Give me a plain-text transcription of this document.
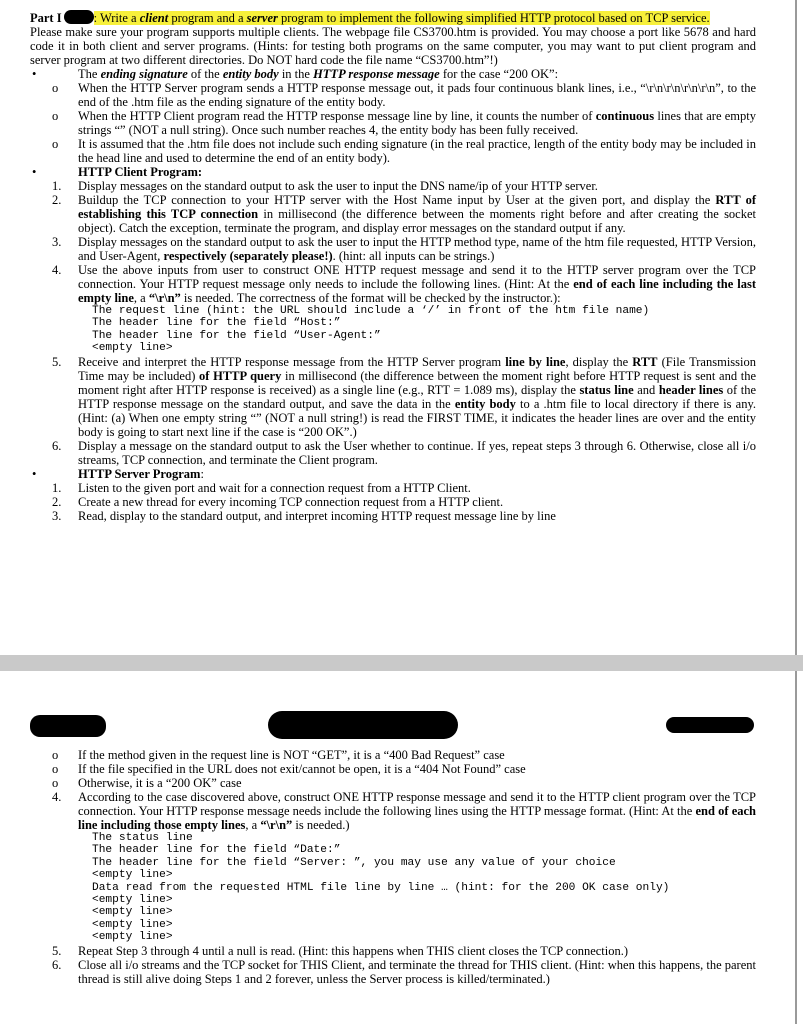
Part I	: Write a client program and a server program to implement the following simplified HTTP protocol based on TCP service.

Please make sure your program supports multiple clients. The webpage file CS3700.htm is provided. You may choose a port like 5678 and hard code it in both client and server programs. (Hints: for testing both programs on the same computer, you may want to put client program and server program at two different directories. Do NOT hard code the file name “CS3700.htm”!)

•	The ending signature of the entity body in the HTTP response message for the case “200 OK”:
o	When the HTTP Server program sends a HTTP response message out, it pads four continuous blank lines, i.e., “\r\n\r\n\r\n\r\n”, to the end of the .htm file as the ending signature of the entity body.
o	When the HTTP Client program read the HTTP response message line by line, it counts the number of continuous lines that are empty strings “” (NOT a null string). Once such number reaches 4, the entity body has been fully received.
o	It is assumed that the .htm file does not include such ending signature (in the real practice, length of the entity body may be included in the head line and used to determine the end of an entity body).
•	HTTP Client Program:
1.	Display messages on the standard output to ask the user to input the DNS name/ip of your HTTP server.
2.	Buildup the TCP connection to your HTTP server with the Host Name input by User at the given port, and display the RTT of establishing this TCP connection in millisecond (the difference between the moments right before and after creating the socket object). Catch the exception, terminate the program, and display error messages on the standard output if any.
3.	Display messages on the standard output to ask the user to input the HTTP method type, name of the htm file requested, HTTP Version, and User-Agent, respectively (separately please!). (hint: all inputs can be strings.)
4.	Use the above inputs from user to construct ONE HTTP request message and send it to the HTTP server program over the TCP connection. Your HTTP request message only needs to include the following lines. (Hint: At the end of each line including the last empty line, a “\r\n” is needed. The correctness of the format will be checked by the instructor.):
The request line (hint: the URL should include a ‘/’ in front of the htm file name)
The header line for the field “Host:”
The header line for the field “User-Agent:”
<empty line>
5.	Receive and interpret the HTTP response message from the HTTP Server program line by line, display the RTT (File Transmission Time may be included) of HTTP query in millisecond (the difference between the moment right before HTTP request is sent and the moment right after HTTP response is received) as a single line (e.g., RTT = 1.089 ms), display the status line and header lines of the HTTP response message on the standard output, and save the data in the entity body to a .htm file to local directory if there is any. (Hint: (a) When one empty string “” (NOT a null string!) is read the FIRST TIME, it indicates the header lines are over and the entity body is going to start next line if the case is “200 OK”.)
6.	Display a message on the standard output to ask the User whether to continue. If yes, repeat steps 3 through 6. Otherwise, close all i/o streams, TCP connection, and terminate the Client program.
•	HTTP Server Program:
1.	Listen to the given port and wait for a connection request from a HTTP Client.
2.	Create a new thread for every incoming TCP connection request from a HTTP client.
3.	Read, display to the standard output, and interpret incoming HTTP request message line by line
o	If the method given in the request line is NOT “GET”, it is a “400 Bad Request” case
o	If the file specified in the URL does not exit/cannot be open, it is a “404 Not Found” case
o	Otherwise, it is a “200 OK” case
4.	According to the case discovered above, construct ONE HTTP response message and send it to the HTTP client program over the TCP connection. Your HTTP response message needs include the following lines using the HTTP message format. (Hint: At the end of each line including those empty lines, a “\r\n” is needed.)
The status line
The header line for the field “Date:”
The header line for the field “Server: ”, you may use any value of your choice
<empty line>
Data read from the requested HTML file line by line … (hint: for the 200 OK case only)
<empty line>
<empty line>
<empty line>
<empty line>
5.	Repeat Step 3 through 4 until a null is read. (Hint: this happens when THIS client closes the TCP connection.)
6.	Close all i/o streams and the TCP socket for THIS Client, and terminate the thread for THIS client. (Hint: when this happens, the parent thread is still alive doing Steps 1 and 2 forever, unless the Server process is killed/terminated.)
